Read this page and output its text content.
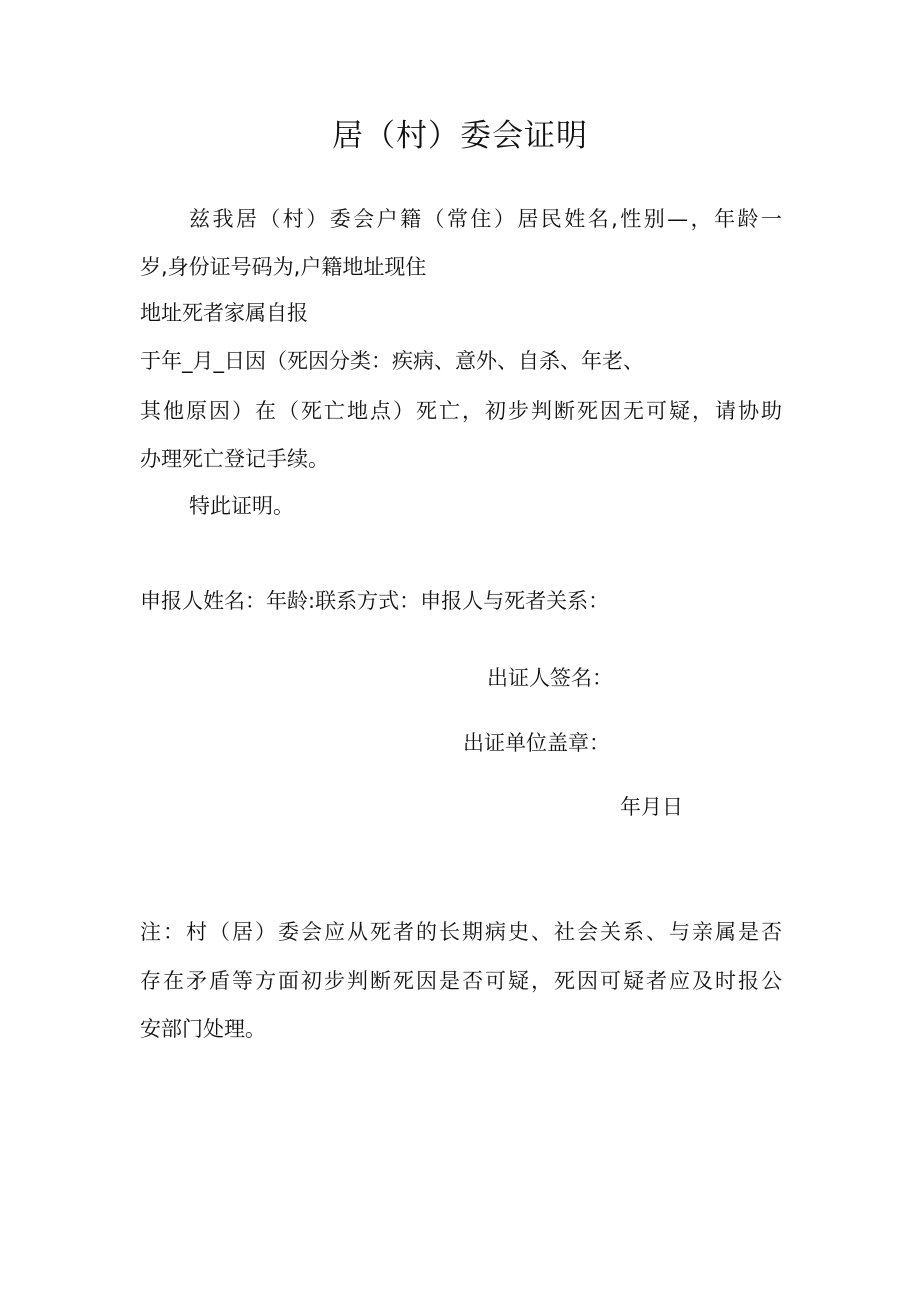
居（村）委会证明
兹我居（村）委会户籍（常住）居民姓名,性别—，年龄一
岁,身份证号码为,户籍地址现住
地址死者家属自报
于年_月_日因（死因分类：疾病、意外、自杀、年老、
其他原因）在（死亡地点）死亡，初步判断死因无可疑，请协助
办理死亡登记手续。
特此证明。
申报人姓名：年龄:联系方式：申报人与死者关系：
出证人签名：
出证单位盖章：
年月日
注：村（居）委会应从死者的长期病史、社会关系、与亲属是否
存在矛盾等方面初步判断死因是否可疑，死因可疑者应及时报公
安部门处理。
